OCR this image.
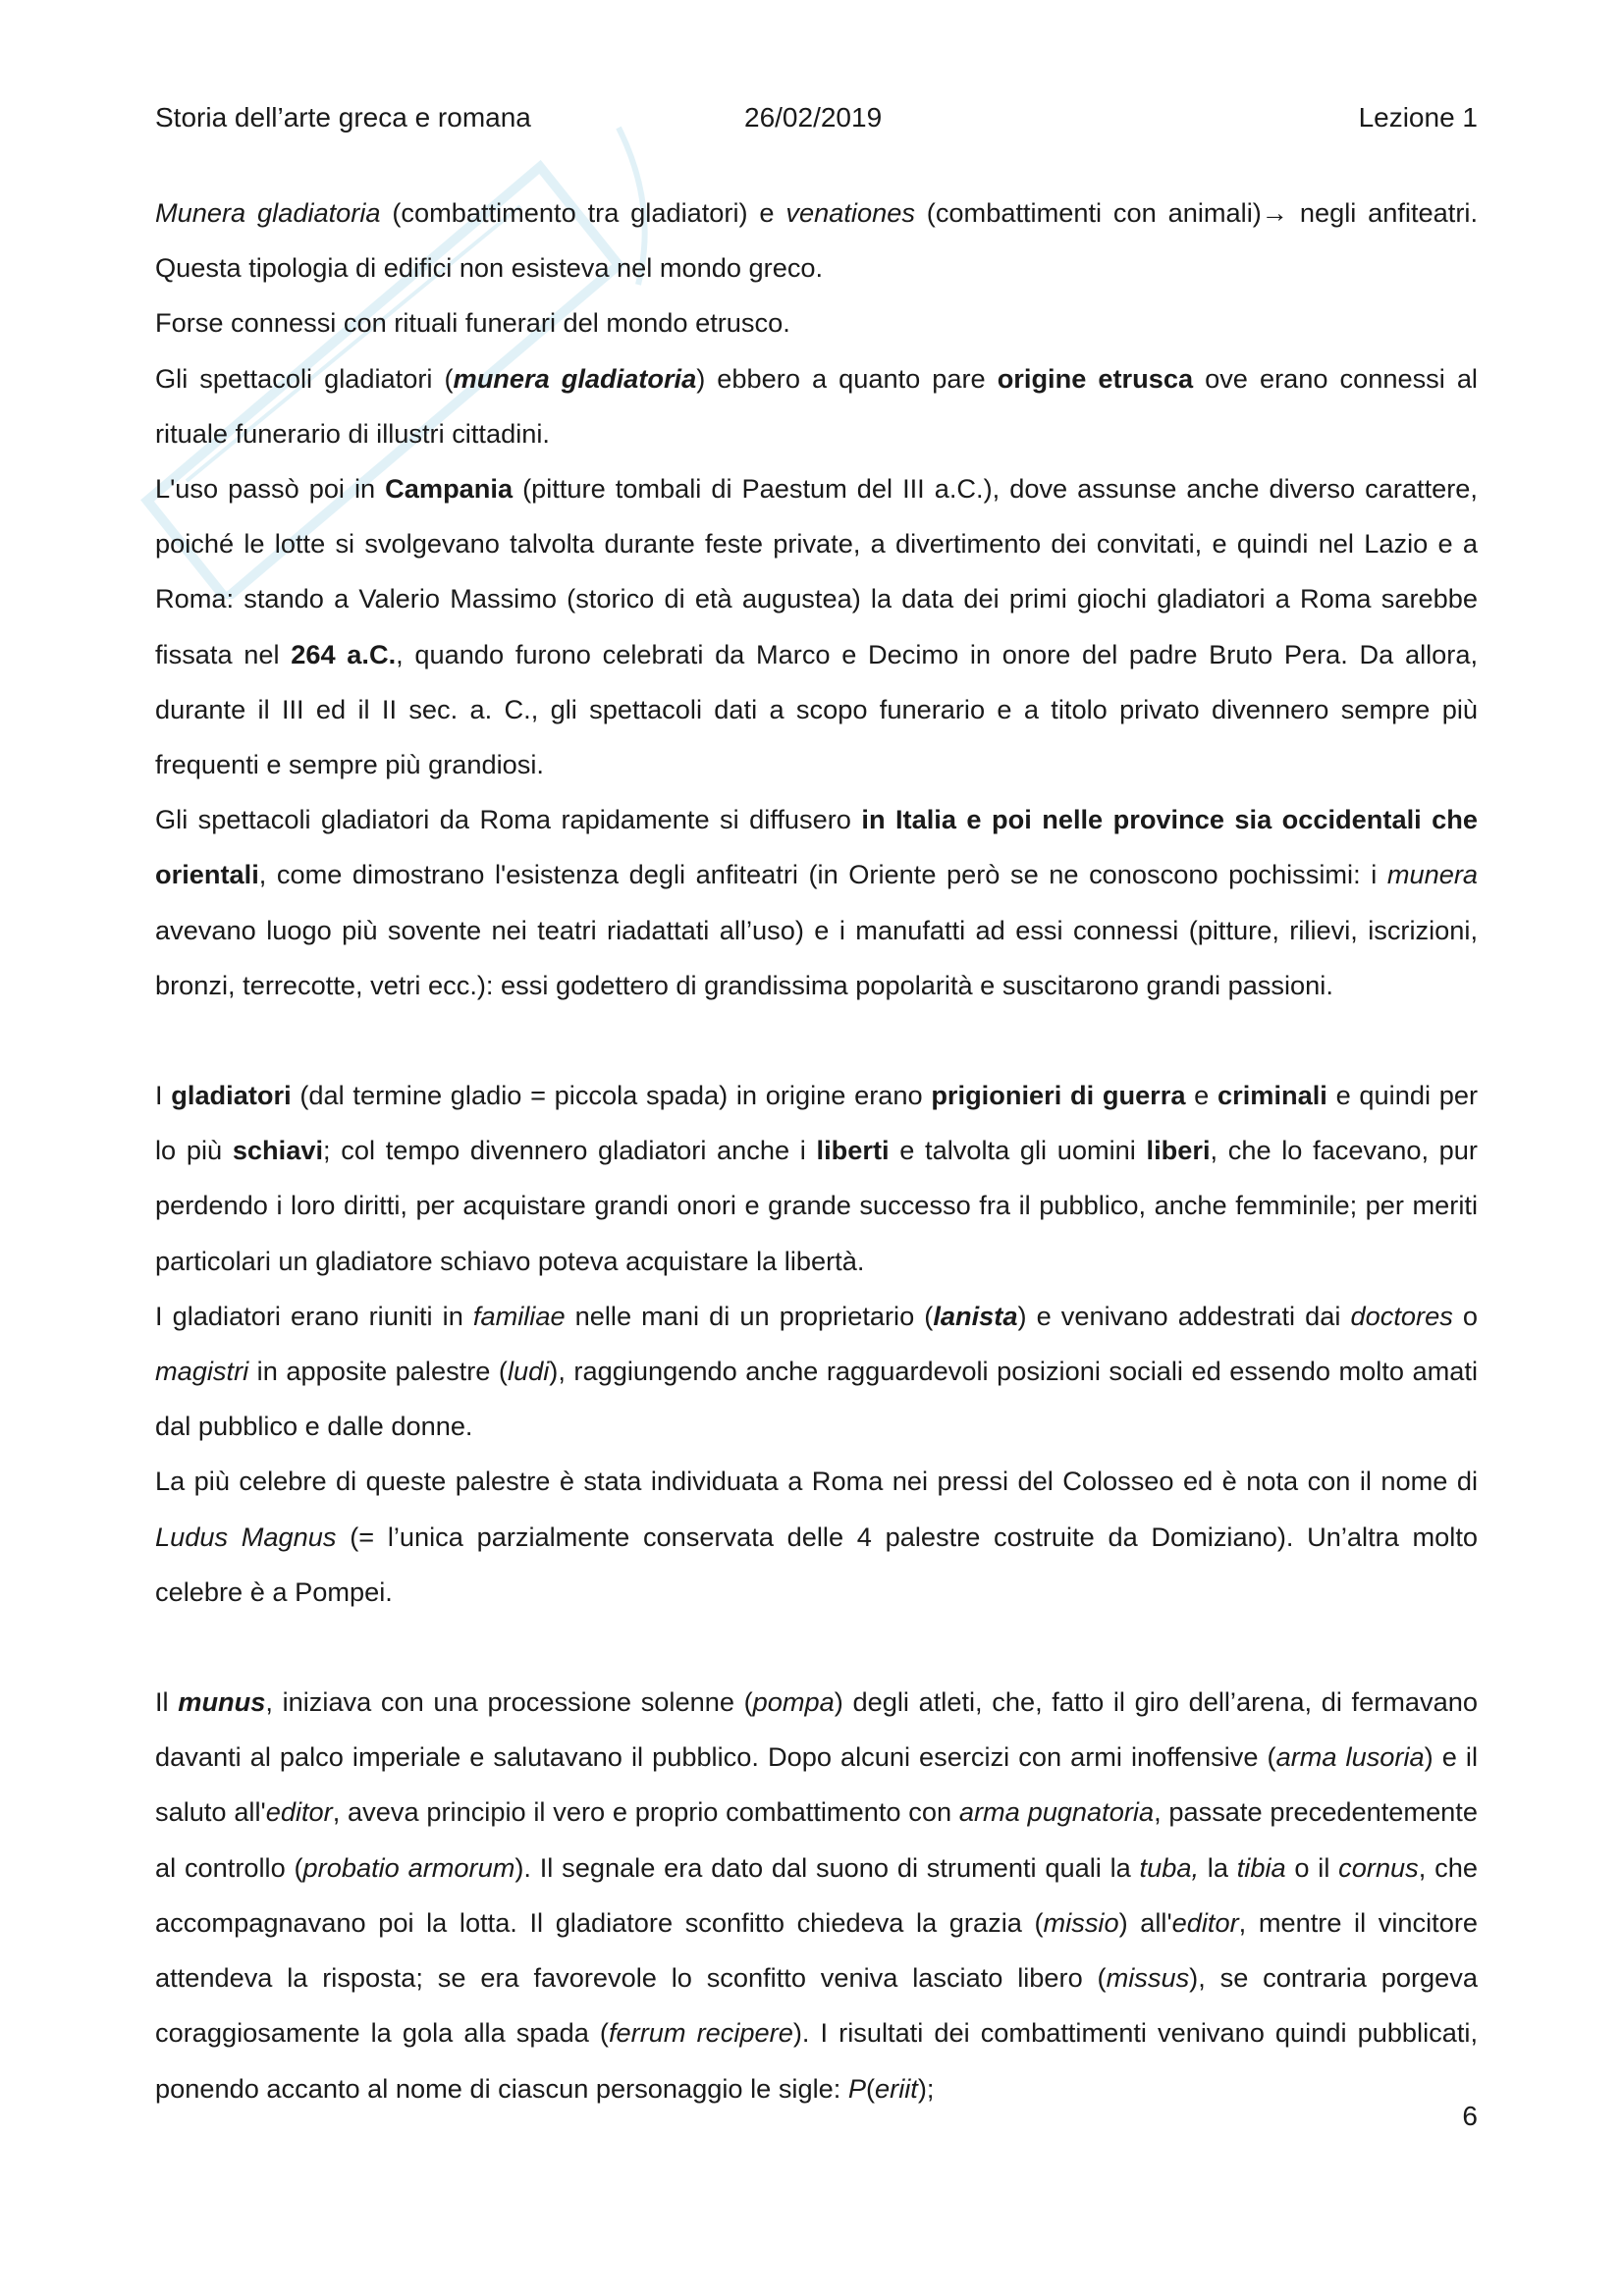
Storia dell’arte greca e romana	26/02/2019	Lezione 1

Munera gladiatoria (combattimento tra gladiatori) e venationes (combattimenti con animali)→ negli anfiteatri. Questa tipologia di edifici non esisteva nel mondo greco.

Forse connessi con rituali funerari del mondo etrusco.

Gli spettacoli gladiatori (munera gladiatoria) ebbero a quanto pare origine etrusca ove erano connessi al rituale funerario di illustri cittadini.

L'uso passò poi in Campania (pitture tombali di Paestum del III a.C.), dove assunse anche diverso carattere, poiché le lotte si svolgevano talvolta durante feste private, a divertimento dei convitati, e quindi nel Lazio e a Roma: stando a Valerio Massimo (storico di età augustea) la data dei primi giochi gladiatori a Roma sarebbe fissata nel 264 a.C., quando furono celebrati da Marco e Decimo in onore del padre Bruto Pera. Da allora, durante il III ed il II sec. a. C., gli spettacoli dati a scopo funerario e a titolo privato divennero sempre più frequenti e sempre più grandiosi.

Gli spettacoli gladiatori da Roma rapidamente si diffusero in Italia e poi nelle province sia occidentali che orientali, come dimostrano l'esistenza degli anfiteatri (in Oriente però se ne conoscono pochissimi: i munera avevano luogo più sovente nei teatri riadattati all’uso) e i manufatti ad essi connessi (pitture, rilievi, iscrizioni, bronzi, terrecotte, vetri ecc.): essi godettero di grandissima popolarità e suscitarono grandi passioni.

I gladiatori (dal termine gladio = piccola spada) in origine erano prigionieri di guerra e criminali e quindi per lo più schiavi; col tempo divennero gladiatori anche i liberti e talvolta gli uomini liberi, che lo facevano, pur perdendo i loro diritti, per acquistare grandi onori e grande successo fra il pubblico, anche femminile; per meriti particolari un gladiatore schiavo poteva acquistare la libertà.

I gladiatori erano riuniti in familiae nelle mani di un proprietario (lanista) e venivano addestrati dai doctores o magistri in apposite palestre (ludi), raggiungendo anche ragguardevoli posizioni sociali ed essendo molto amati dal pubblico e dalle donne.

La più celebre di queste palestre è stata individuata a Roma nei pressi del Colosseo ed è nota con il nome di Ludus Magnus (= l’unica parzialmente conservata delle 4 palestre costruite da Domiziano). Un’altra molto celebre è a Pompei.

Il munus, iniziava con una processione solenne (pompa) degli atleti, che, fatto il giro dell’arena, di fermavano davanti al palco imperiale e salutavano il pubblico. Dopo alcuni esercizi con armi inoffensive (arma lusoria) e il saluto all'editor, aveva principio il vero e proprio combattimento con arma pugnatoria, passate precedentemente al controllo (probatio armorum). Il segnale era dato dal suono di strumenti quali la tuba, la tibia o il cornus, che accompagnavano poi la lotta. Il gladiatore sconfitto chiedeva la grazia (missio) all'editor, mentre il vincitore attendeva la risposta; se era favorevole lo sconfitto veniva lasciato libero (missus), se contraria porgeva coraggiosamente la gola alla spada (ferrum recipere). I risultati dei combattimenti venivano quindi pubblicati, ponendo accanto al nome di ciascun personaggio le sigle: P(eriit);

6
